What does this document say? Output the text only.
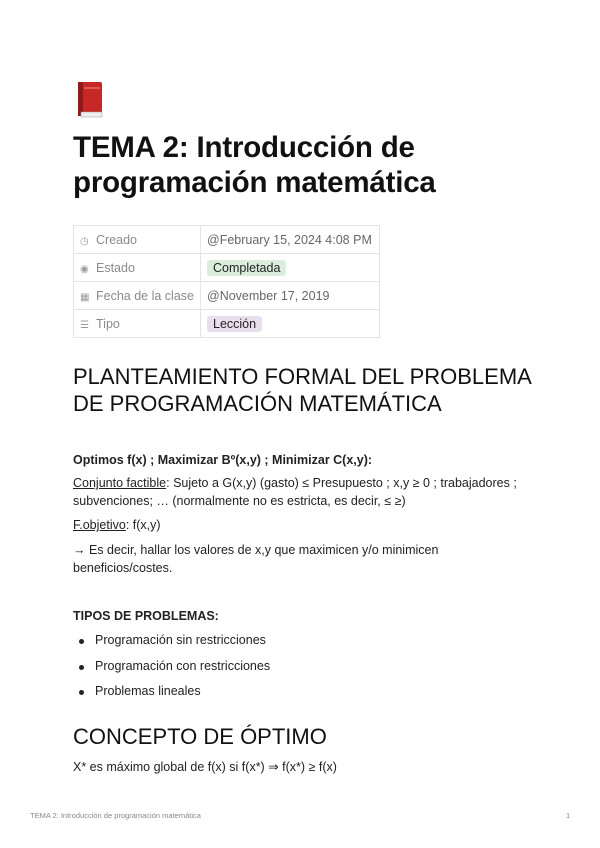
TEMA 2: Introducción de programación matemática
◷ Creado	@February 15, 2024 4:08 PM
◉ Estado	Completada
▦ Fecha de la clase	@November 17, 2019
☰ Tipo	Lección
PLANTEAMIENTO FORMAL DEL PROBLEMA DE PROGRAMACIÓN MATEMÁTICA
Optimos f(x) ; Maximizar Bº(x,y) ; Minimizar C(x,y):
Conjunto factible: Sujeto a G(x,y) (gasto) ≤ Presupuesto ; x,y ≥ 0 ; trabajadores ; subvenciones; … (normalmente no es estricta, es decir, ≤ ≥)
F.objetivo: f(x,y)
→ Es decir, hallar los valores de x,y que maximicen y/o minimicen beneficios/costes.
TIPOS DE PROBLEMAS:
Programación sin restricciones
Programación con restricciones
Problemas lineales
CONCEPTO DE ÓPTIMO
X* es máximo global de f(x) si f(x*) ⇒ f(x*) ≥ f(x)
TEMA 2: Introducción de programación matemática	1
